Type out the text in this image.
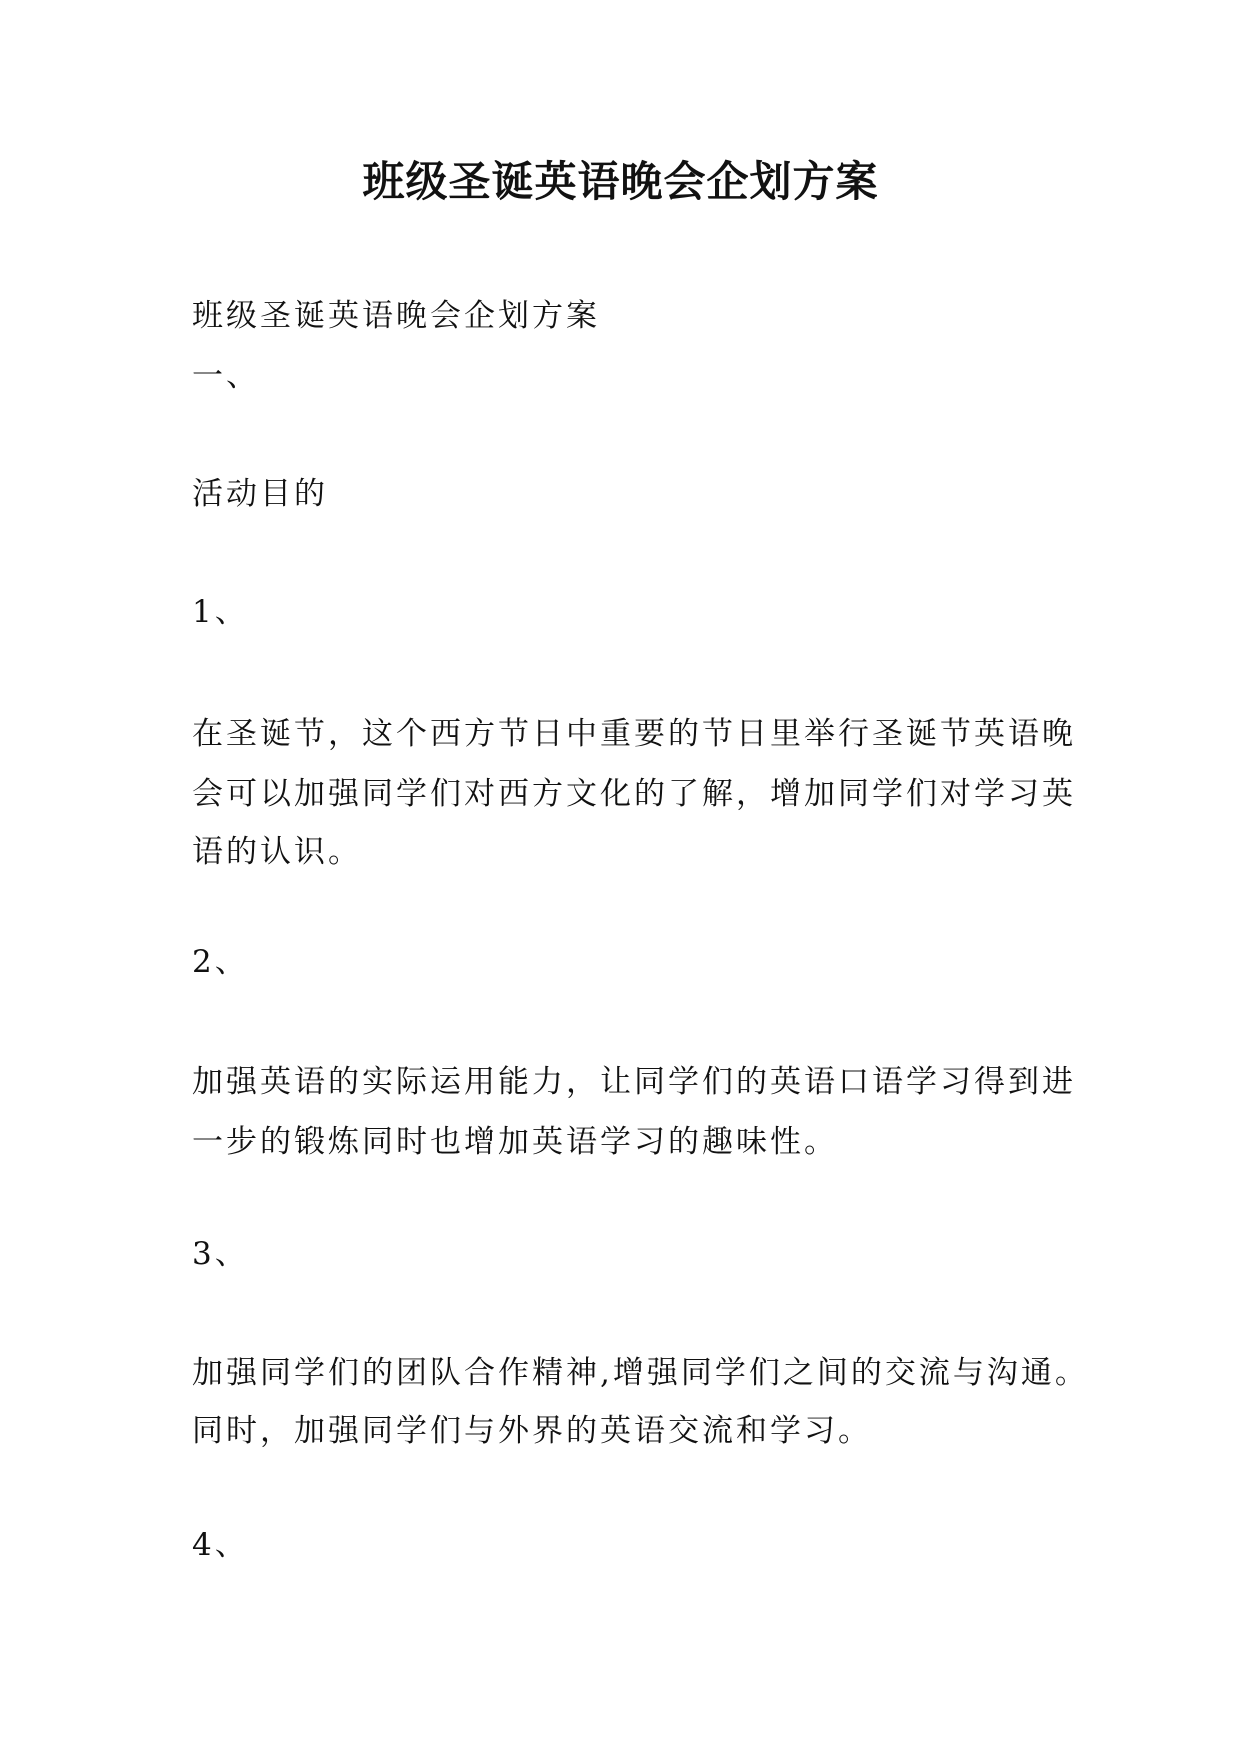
班级圣诞英语晚会企划方案
班级圣诞英语晚会企划方案
一、
活动目的
1、
在圣诞节，这个西方节日中重要的节日里举行圣诞节英语晚
会可以加强同学们对西方文化的了解，增加同学们对学习英
语的认识。
2、
加强英语的实际运用能力，让同学们的英语口语学习得到进
一步的锻炼同时也增加英语学习的趣味性。
3、
加强同学们的团队合作精神,增强同学们之间的交流与沟通。
同时，加强同学们与外界的英语交流和学习。
4、
